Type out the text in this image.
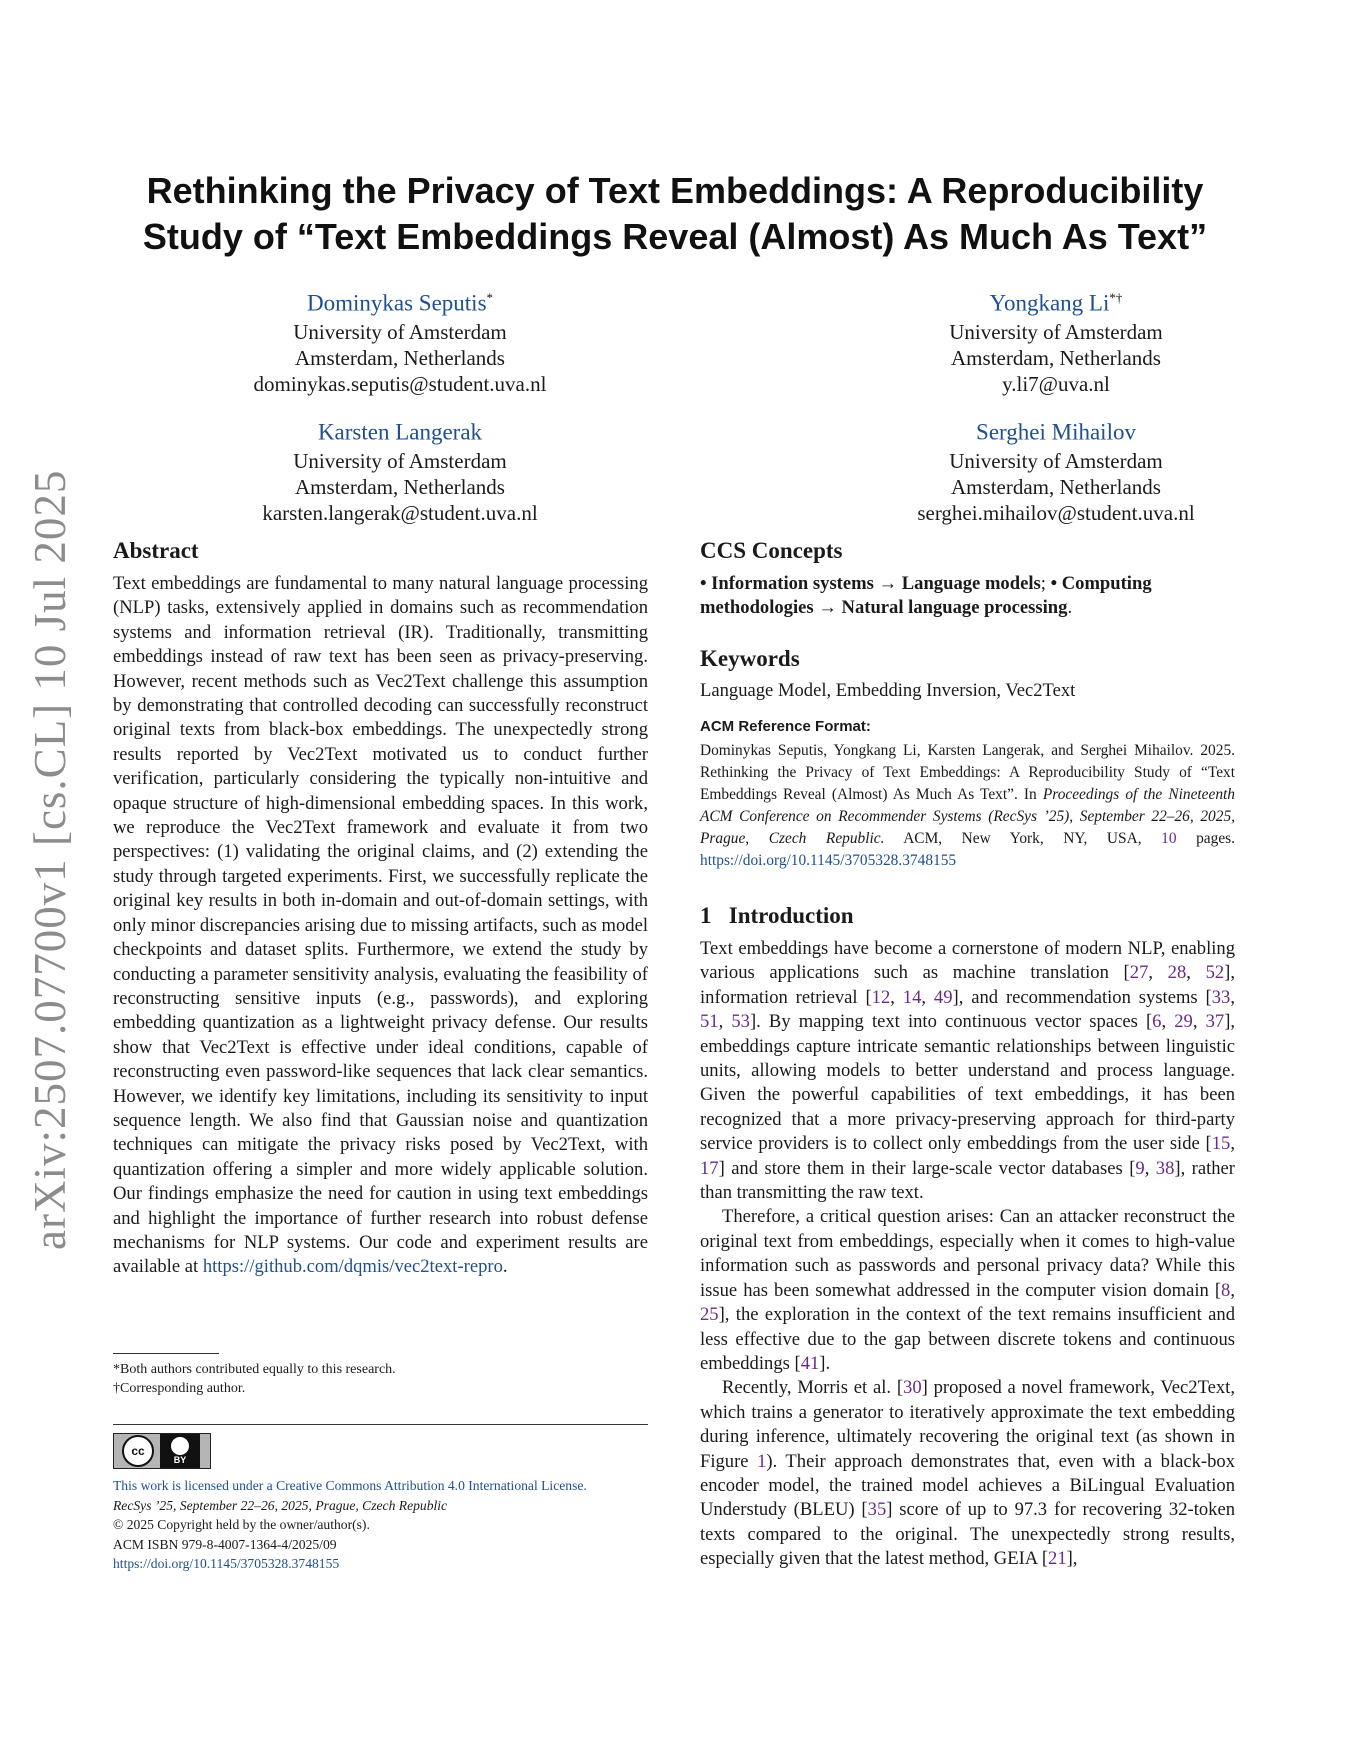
arXiv:2507.07700v1 [cs.CL] 10 Jul 2025
Rethinking the Privacy of Text Embeddings: A Reproducibility
Study of “Text Embeddings Reveal (Almost) As Much As Text”
Dominykas Seputis*
University of Amsterdam
Amsterdam, Netherlands
dominykas.seputis@student.uva.nl
Yongkang Li*†
University of Amsterdam
Amsterdam, Netherlands
y.li7@uva.nl
Karsten Langerak
University of Amsterdam
Amsterdam, Netherlands
karsten.langerak@student.uva.nl
Serghei Mihailov
University of Amsterdam
Amsterdam, Netherlands
serghei.mihailov@student.uva.nl
Abstract
Text embeddings are fundamental to many natural language processing (NLP) tasks, extensively applied in domains such as recommendation systems and information retrieval (IR). Traditionally, transmitting embeddings instead of raw text has been seen as privacy-preserving. However, recent methods such as Vec2Text challenge this assumption by demonstrating that controlled decoding can successfully reconstruct original texts from black-box embeddings. The unexpectedly strong results reported by Vec2Text motivated us to conduct further verification, particularly considering the typically non-intuitive and opaque structure of high-dimensional embedding spaces. In this work, we reproduce the Vec2Text framework and evaluate it from two perspectives: (1) validating the original claims, and (2) extending the study through targeted experiments. First, we successfully replicate the original key results in both in-domain and out-of-domain settings, with only minor discrepancies arising due to missing artifacts, such as model checkpoints and dataset splits. Furthermore, we extend the study by conducting a parameter sensitivity analysis, evaluating the feasibility of reconstructing sensitive inputs (e.g., passwords), and exploring embedding quantization as a lightweight privacy defense. Our results show that Vec2Text is effective under ideal conditions, capable of reconstructing even password-like sequences that lack clear semantics. However, we identify key limitations, including its sensitivity to input sequence length. We also find that Gaussian noise and quantization techniques can mitigate the privacy risks posed by Vec2Text, with quantization offering a simpler and more widely applicable solution. Our findings emphasize the need for caution in using text embeddings and highlight the importance of further research into robust defense mechanisms for NLP systems. Our code and experiment results are available at https://github.com/dqmis/vec2text-repro.
*Both authors contributed equally to this research.
†Corresponding author.
cc
BY
This work is licensed under a Creative Commons Attribution 4.0 International License.
RecSys ’25, September 22–26, 2025, Prague, Czech Republic
© 2025 Copyright held by the owner/author(s).
ACM ISBN 979-8-4007-1364-4/2025/09
https://doi.org/10.1145/3705328.3748155
CCS Concepts
• Information systems → Language models; • Computing methodologies → Natural language processing.
Keywords
Language Model, Embedding Inversion, Vec2Text
ACM Reference Format:
Dominykas Seputis, Yongkang Li, Karsten Langerak, and Serghei Mihailov. 2025. Rethinking the Privacy of Text Embeddings: A Reproducibility Study of “Text Embeddings Reveal (Almost) As Much As Text”. In Proceedings of the Nineteenth ACM Conference on Recommender Systems (RecSys ’25), September 22–26, 2025, Prague, Czech Republic. ACM, New York, NY, USA, 10 pages. https://doi.org/10.1145/3705328.3748155
1 Introduction
Text embeddings have become a cornerstone of modern NLP, enabling various applications such as machine translation [27, 28, 52], information retrieval [12, 14, 49], and recommendation systems [33, 51, 53]. By mapping text into continuous vector spaces [6, 29, 37], embeddings capture intricate semantic relationships between linguistic units, allowing models to better understand and process language. Given the powerful capabilities of text embeddings, it has been recognized that a more privacy-preserving approach for third-party service providers is to collect only embeddings from the user side [15, 17] and store them in their large-scale vector databases [9, 38], rather than transmitting the raw text.
Therefore, a critical question arises: Can an attacker reconstruct the original text from embeddings, especially when it comes to high-value information such as passwords and personal privacy data? While this issue has been somewhat addressed in the computer vision domain [8, 25], the exploration in the context of the text remains insufficient and less effective due to the gap between discrete tokens and continuous embeddings [41].
Recently, Morris et al. [30] proposed a novel framework, Vec2Text, which trains a generator to iteratively approximate the text embedding during inference, ultimately recovering the original text (as shown in Figure 1). Their approach demonstrates that, even with a black-box encoder model, the trained model achieves a BiLingual Evaluation Understudy (BLEU) [35] score of up to 97.3 for recovering 32-token texts compared to the original. The unexpectedly strong results, especially given that the latest method, GEIA [21],
